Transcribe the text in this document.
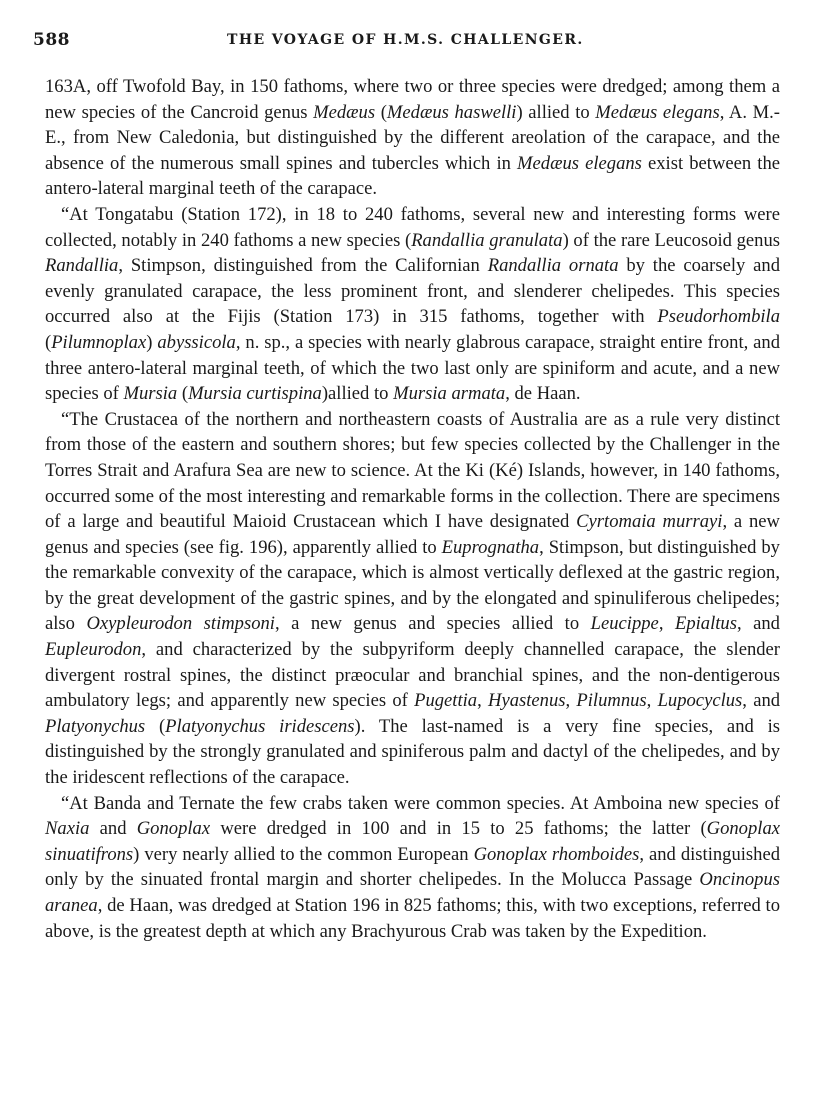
588	THE VOYAGE OF H.M.S. CHALLENGER.

163A, off Twofold Bay, in 150 fathoms, where two or three species were dredged; among them a new species of the Cancroid genus Medæus (Medæus haswelli) allied to Medæus elegans, A. M.-E., from New Caledonia, but distinguished by the different areolation of the carapace, and the absence of the numerous small spines and tubercles which in Medæus elegans exist between the antero-lateral marginal teeth of the carapace.

“At Tongatabu (Station 172), in 18 to 240 fathoms, several new and interesting forms were collected, notably in 240 fathoms a new species (Randallia granulata) of the rare Leucosoid genus Randallia, Stimpson, distinguished from the Californian Randallia ornata by the coarsely and evenly granulated carapace, the less prominent front, and slenderer chelipedes. This species occurred also at the Fijis (Station 173) in 315 fathoms, together with Pseudorhombila (Pilumnoplax) abyssicola, n. sp., a species with nearly glabrous carapace, straight entire front, and three antero-lateral marginal teeth, of which the two last only are spiniform and acute, and a new species of Mursia (Mursia curtispina)allied to Mursia armata, de Haan.

“The Crustacea of the northern and northeastern coasts of Australia are as a rule very distinct from those of the eastern and southern shores; but few species collected by the Challenger in the Torres Strait and Arafura Sea are new to science. At the Ki (Ké) Islands, however, in 140 fathoms, occurred some of the most interesting and remarkable forms in the collection. There are specimens of a large and beautiful Maioid Crustacean which I have designated Cyrtomaia murrayi, a new genus and species (see fig. 196), apparently allied to Euprognatha, Stimpson, but distinguished by the remarkable convexity of the carapace, which is almost vertically deflexed at the gastric region, by the great development of the gastric spines, and by the elongated and spinuliferous chelipedes; also Oxypleurodon stimpsoni, a new genus and species allied to Leucippe, Epialtus, and Eupleurodon, and characterized by the subpyriform deeply channelled carapace, the slender divergent rostral spines, the distinct præocular and branchial spines, and the non-dentigerous ambulatory legs; and apparently new species of Pugettia, Hyastenus, Pilumnus, Lupocyclus, and Platyonychus (Platyonychus iridescens). The last-named is a very fine species, and is distinguished by the strongly granulated and spiniferous palm and dactyl of the chelipedes, and by the iridescent reflections of the carapace.

“At Banda and Ternate the few crabs taken were common species. At Amboina new species of Naxia and Gonoplax were dredged in 100 and in 15 to 25 fathoms; the latter (Gonoplax sinuatifrons) very nearly allied to the common European Gonoplax rhomboides, and distinguished only by the sinuated frontal margin and shorter chelipedes. In the Molucca Passage Oncinopus aranea, de Haan, was dredged at Station 196 in 825 fathoms; this, with two exceptions, referred to above, is the greatest depth at which any Brachyurous Crab was taken by the Expedition.
